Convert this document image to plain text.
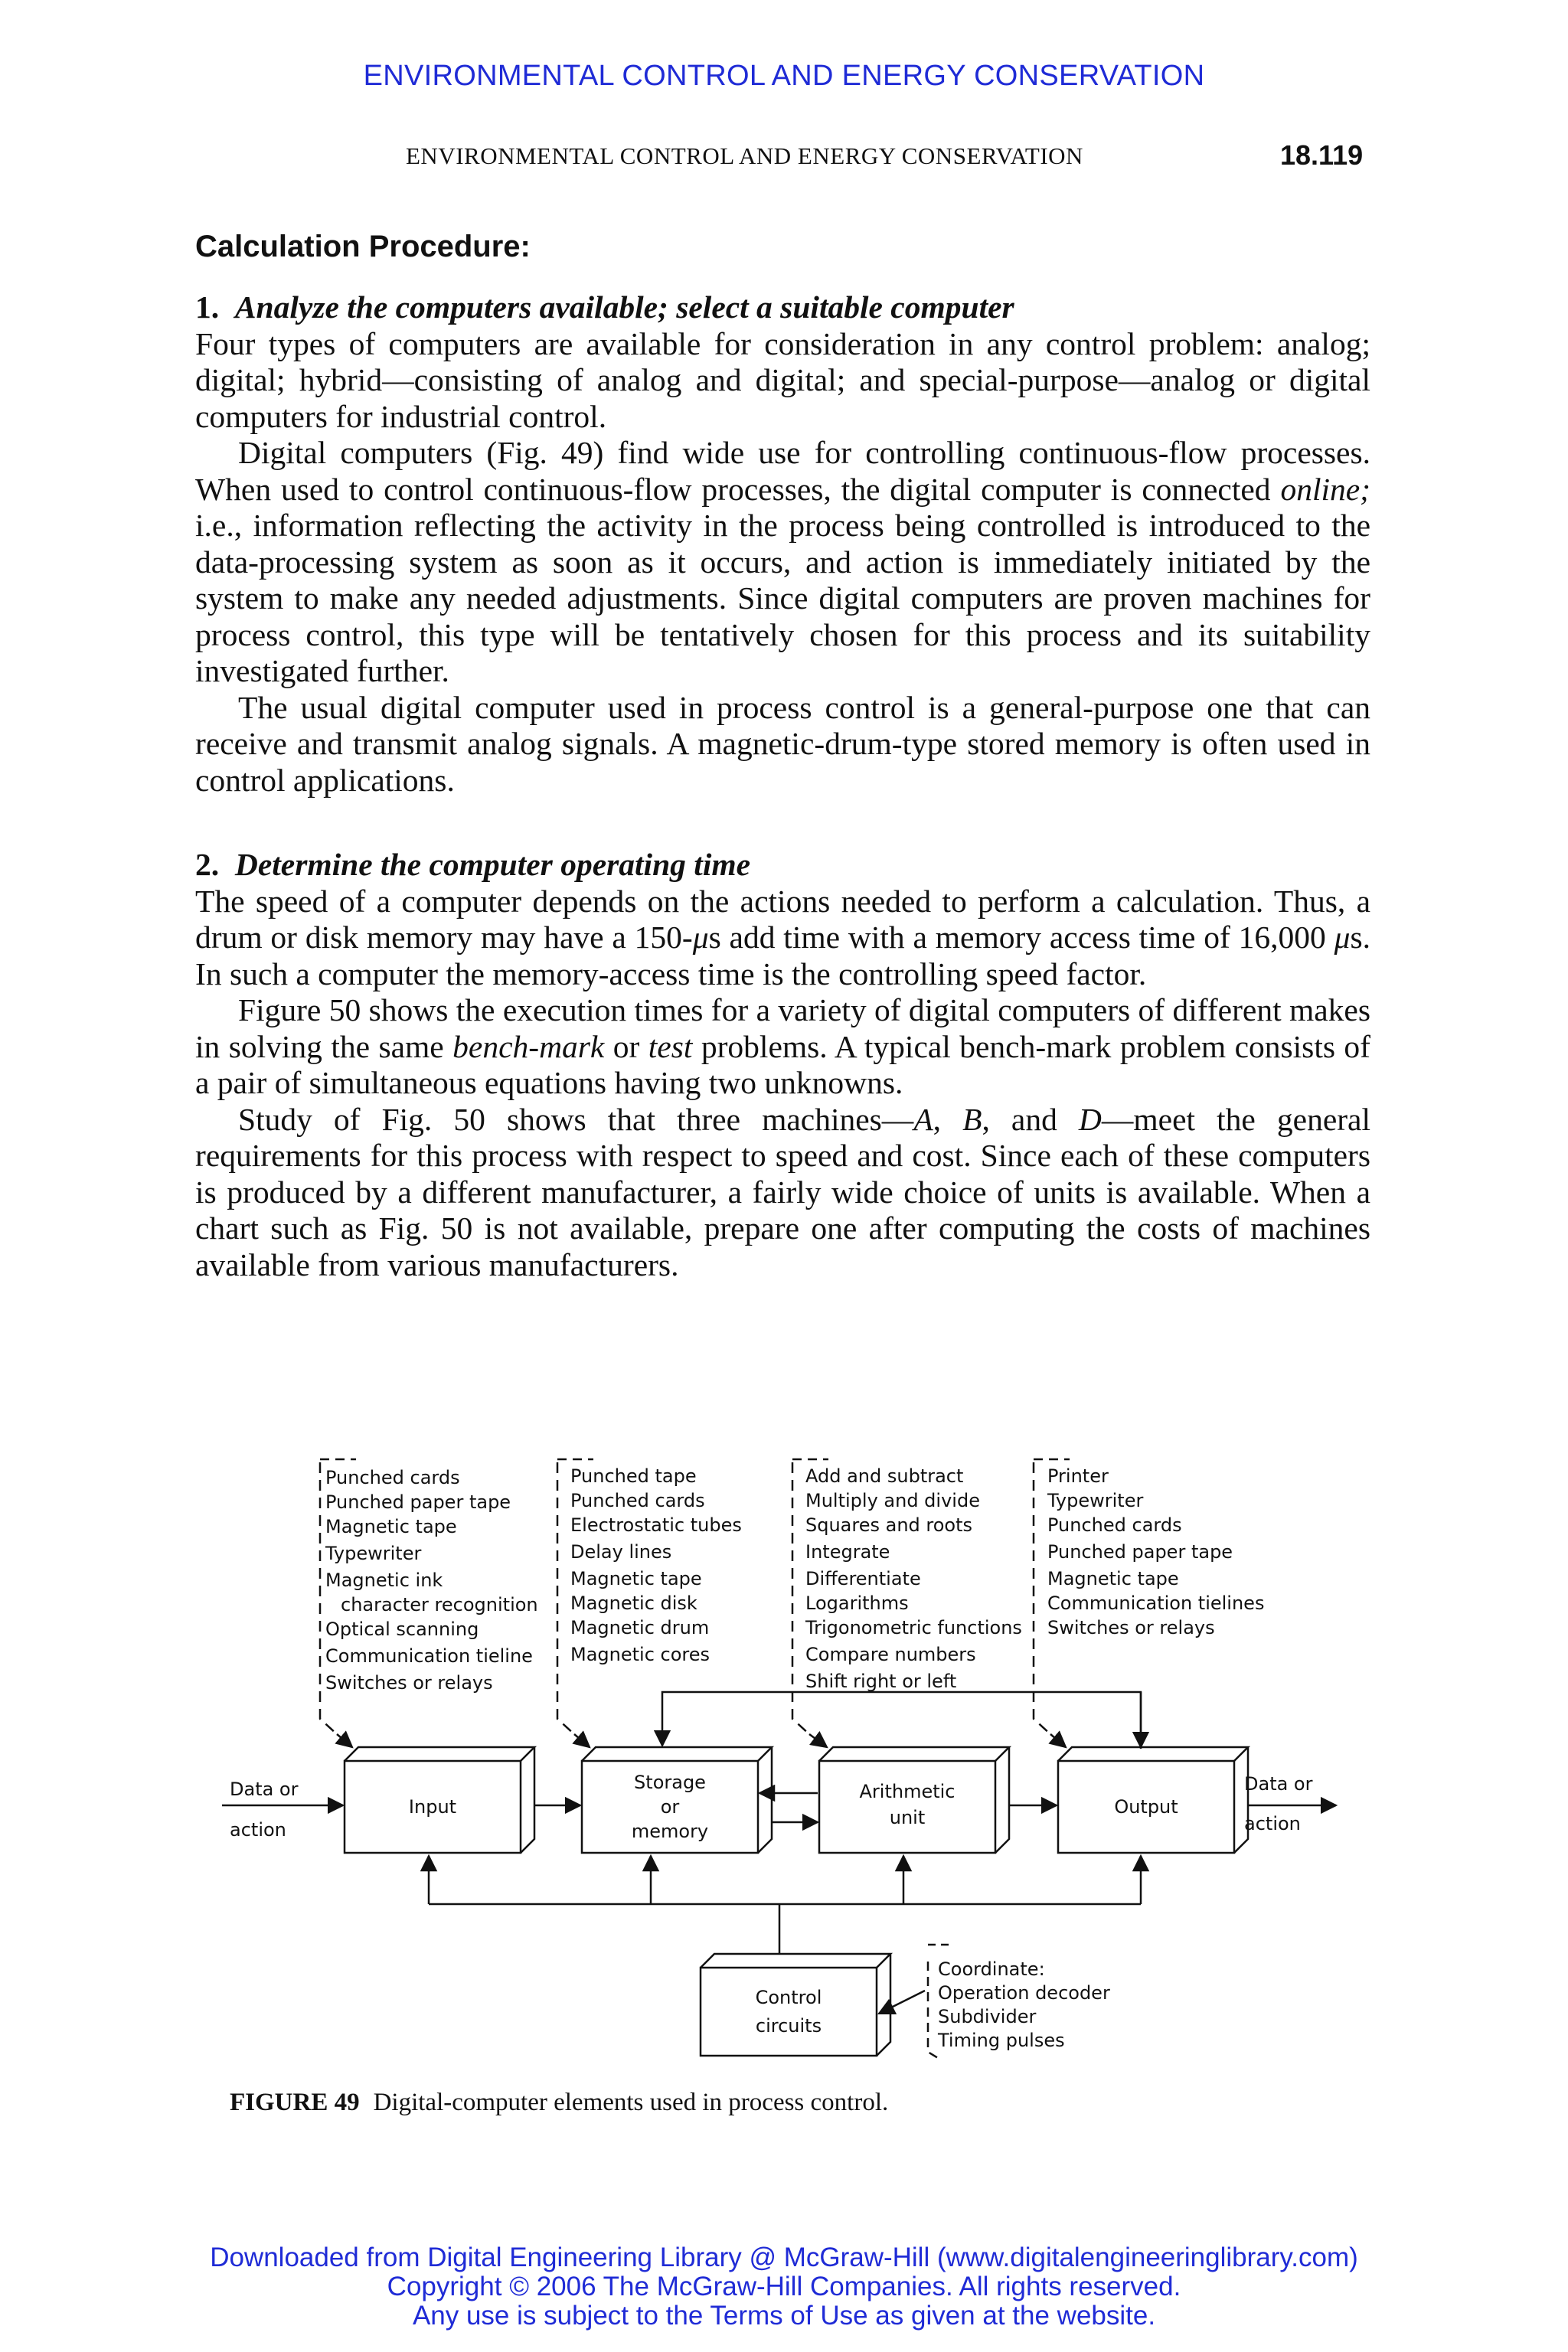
ENVIRONMENTAL CONTROL AND ENERGY CONSERVATION
ENVIRONMENTAL CONTROL AND ENERGY CONSERVATION	18.119
Calculation Procedure:

1. Analyze the computers available; select a suitable computer

Four types of computers are available for consideration in any control problem: analog; digital; hybrid—consisting of analog and digital; and special-purpose—analog or digital computers for industrial control.

Digital computers (Fig. 49) find wide use for controlling continuous-flow processes. When used to control continuous-flow processes, the digital computer is connected online; i.e., information reflecting the activity in the process being controlled is introduced to the data-processing system as soon as it occurs, and action is immediately initiated by the system to make any needed adjustments. Since digital computers are proven machines for process control, this type will be tentatively chosen for this process and its suitability investigated further.

The usual digital computer used in process control is a general-purpose one that can receive and transmit analog signals. A magnetic-drum-type stored memory is often used in control applications.

2. Determine the computer operating time

The speed of a computer depends on the actions needed to perform a calculation. Thus, a drum or disk memory may have a 150-μs add time with a memory access time of 16,000 μs. In such a computer the memory-access time is the controlling speed factor.

Figure 50 shows the execution times for a variety of digital computers of different makes in solving the same bench-mark or test problems. A typical bench-mark problem consists of a pair of simultaneous equations having two unknowns.

Study of Fig. 50 shows that three machines—A, B, and D—meet the general requirements for this process with respect to speed and cost. Since each of these computers is produced by a different manufacturer, a fairly wide choice of units is available. When a chart such as Fig. 50 is not available, prepare one after computing the costs of machines available from various manufacturers.

Punched cards
Punched paper tape
Magnetic tape
Typewriter
Magnetic ink
character recognition
Optical scanning
Communication tieline
Switches or relays
Punched tape
Punched cards
Electrostatic tubes
Delay lines
Magnetic tape
Magnetic disk
Magnetic drum
Magnetic cores
Add and subtract
Multiply and divide
Squares and roots
Integrate
Differentiate
Logarithms
Trigonometric functions
Compare numbers
Shift right or left
Printer
Typewriter
Punched cards
Punched paper tape
Magnetic tape
Communication tielines
Switches or relays
Coordinate:
Operation decoder
Subdivider
Timing pulses
Data or
action
Data or
action
Input
Storage
or
memory
Arithmetic
unit	Output
Control
circuits
FIGURE 49 Digital-computer elements used in process control.
Downloaded from Digital Engineering Library @ McGraw-Hill (www.digitalengineeringlibrary.com)
Copyright © 2006 The McGraw-Hill Companies. All rights reserved.
Any use is subject to the Terms of Use as given at the website.
